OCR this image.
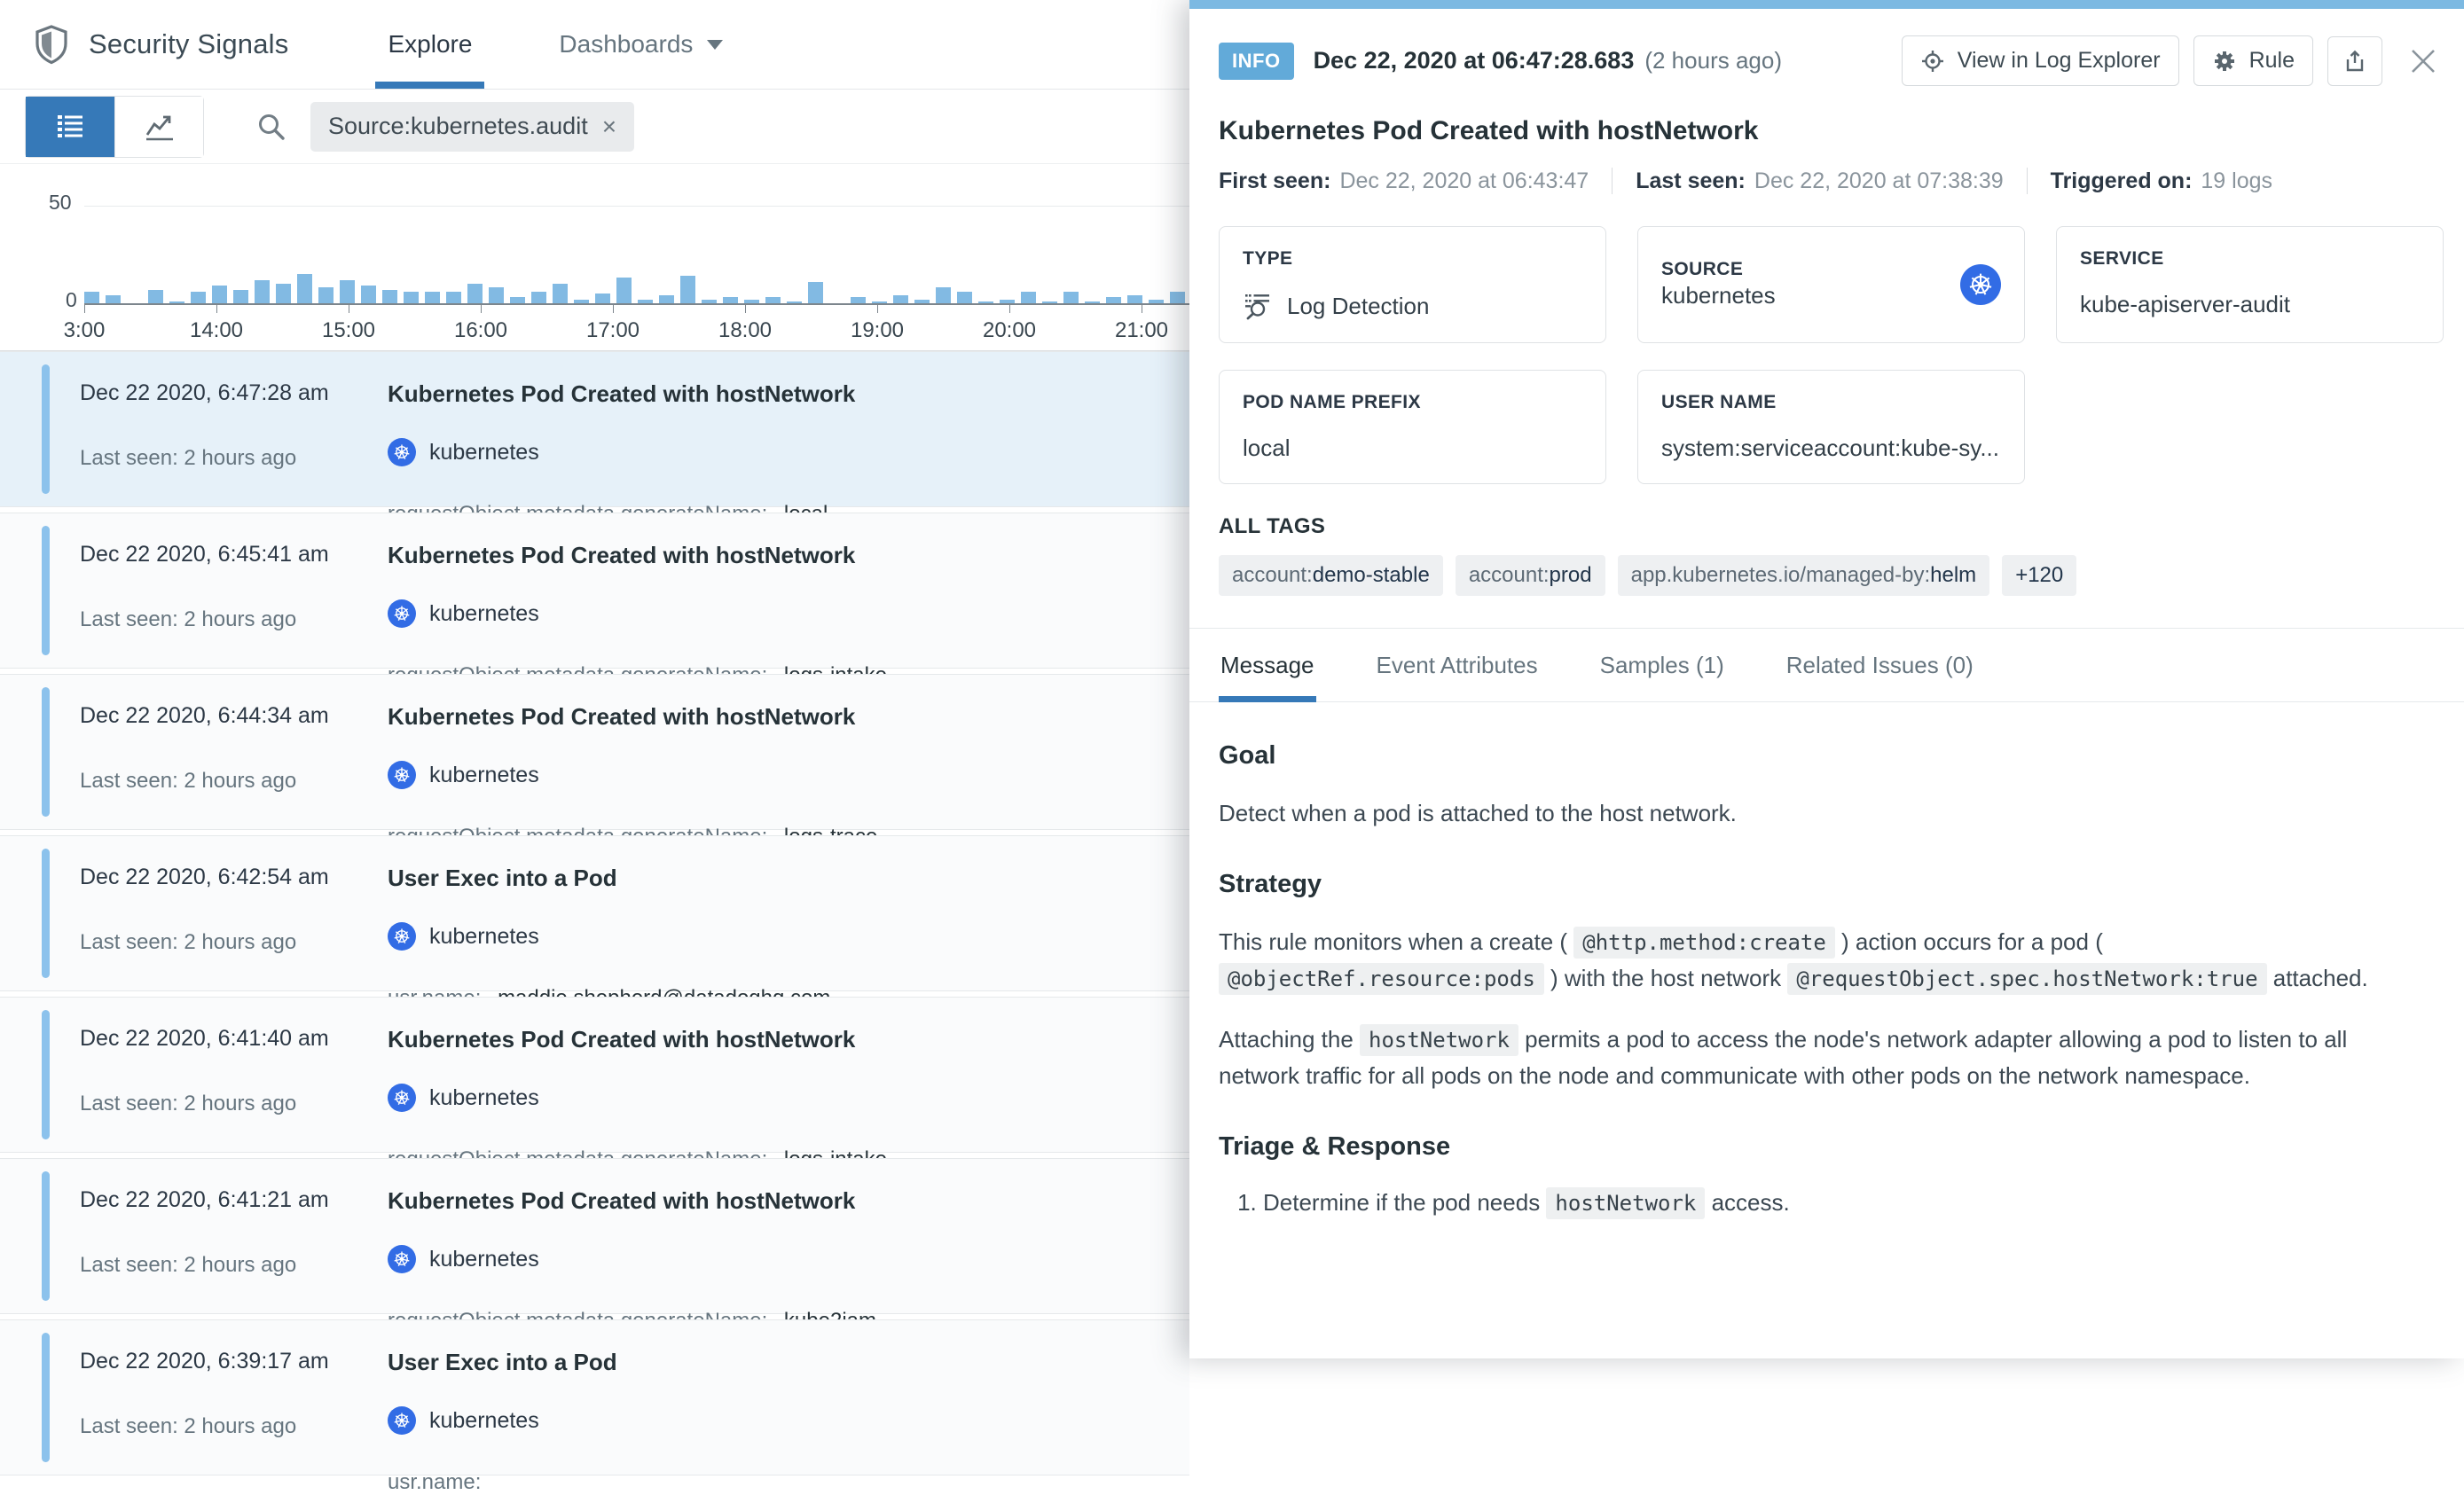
Security Signals	Explore	Dashboards
Source:kubernetes.audit ×
50
0
3:00	14:00	15:00	16:00	17:00	18:00	19:00	20:00	21:00
Dec 22 2020, 6:47:28 am
Last seen: 2 hours ago
Kubernetes Pod Created with hostNetwork
kubernetes
Dec 22 2020, 6:45:41 am
Last seen: 2 hours ago
Kubernetes Pod Created with hostNetwork
kubernetes
Dec 22 2020, 6:44:34 am
Last seen: 2 hours ago
Kubernetes Pod Created with hostNetwork
kubernetes
Dec 22 2020, 6:42:54 am
Last seen: 2 hours ago
User Exec into a Pod
kubernetes
Dec 22 2020, 6:41:40 am
Last seen: 2 hours ago
Kubernetes Pod Created with hostNetwork
kubernetes
Dec 22 2020, 6:41:21 am
Last seen: 2 hours ago
Kubernetes Pod Created with hostNetwork
kubernetes
Dec 22 2020, 6:39:17 am
Last seen: 2 hours ago
User Exec into a Pod
kubernetes
usr.name:
INFO	Dec 22, 2020 at 06:47:28.683 (2 hours ago)	View in Log Explorer	Rule
Kubernetes Pod Created with hostNetwork
First seen: Dec 22, 2020 at 06:43:47 Last seen: Dec 22, 2020 at 07:38:39 Triggered on: 19 logs
TYPE
Log Detection
SOURCE
kubernetes
SERVICE
kube-apiserver-audit
POD NAME PREFIX
local
USER NAME
system:serviceaccount:kube-sy...
ALL TAGS
account:demo-stable	account:prod	app.kubernetes.io/managed-by:helm	+120
Message	Event Attributes	Samples (1)	Related Issues (0)
Goal

Detect when a pod is attached to the host network.

Strategy

This rule monitors when a create ( @http.method:create ) action occurs for a pod ( @objectRef.resource:pods ) with the host network @requestObject.spec.hostNetwork:true attached.

Attaching the hostNetwork permits a pod to access the node's network adapter allowing a pod to listen to all network traffic for all pods on the node and communicate with other pods on the network namespace.

Triage & Response
1. Determine if the pod needs hostNetwork access.
